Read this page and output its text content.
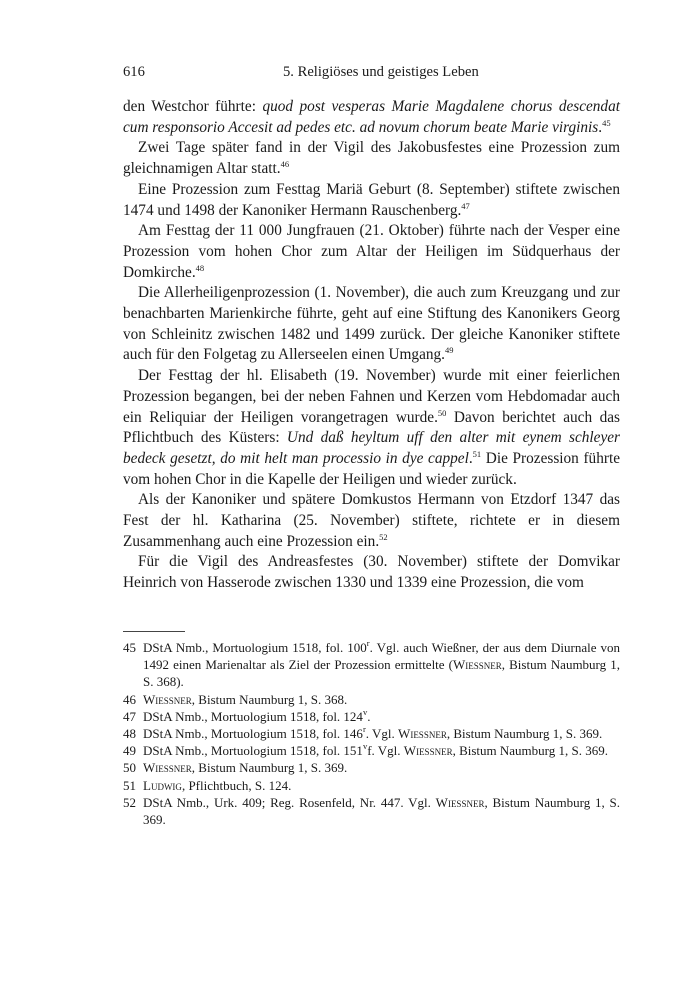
616	5. Religiöses und geistiges Leben

den Westchor führte: quod post vesperas Marie Magdalene chorus descendat cum responsorio Accesit ad pedes etc. ad novum chorum beate Marie virginis.$^{45}$

Zwei Tage später fand in der Vigil des Jakobusfestes eine Prozession zum gleichnamigen Altar statt.$^{46}$

Eine Prozession zum Festtag Mariä Geburt (8. September) stiftete zwischen 1474 und 1498 der Kanoniker Hermann Rauschenberg.$^{47}$

Am Festtag der 11 000 Jungfrauen (21. Oktober) führte nach der Vesper eine Prozession vom hohen Chor zum Altar der Heiligen im Südquerhaus der Domkirche.$^{48}$

Die Allerheiligenprozession (1. November), die auch zum Kreuzgang und zur benachbarten Marienkirche führte, geht auf eine Stiftung des Kanonikers Georg von Schleinitz zwischen 1482 und 1499 zurück. Der gleiche Kanoniker stiftete auch für den Folgetag zu Allerseelen einen Umgang.$^{49}$

Der Festtag der hl. Elisabeth (19. November) wurde mit einer feierlichen Prozession begangen, bei der neben Fahnen und Kerzen vom Hebdomadar auch ein Reliquiar der Heiligen vorangetragen wurde.$^{50}$ Davon berichtet auch das Pflichtbuch des Küsters: Und daß heyltum uff den alter mit eynem schleyer bedeck gesetzt, do mit helt man processio in dye cappel.$^{51}$ Die Prozession führte vom hohen Chor in die Kapelle der Heiligen und wieder zurück.

Als der Kanoniker und spätere Domkustos Hermann von Etzdorf 1347 das Fest der hl. Katharina (25. November) stiftete, richtete er in diesem Zusammenhang auch eine Prozession ein.$^{52}$

Für die Vigil des Andreasfestes (30. November) stiftete der Domvikar Heinrich von Hasserode zwischen 1330 und 1339 eine Prozession, die vom

45 DStA Nmb., Mortuologium 1518, fol. 100$^r$. Vgl. auch Wießner, der aus dem Diurnale von 1492 einen Marienaltar als Ziel der Prozession ermittelte (Wiessner, Bistum Naumburg 1, S. 368).
46 Wiessner, Bistum Naumburg 1, S. 368.
47 DStA Nmb., Mortuologium 1518, fol. 124$^v$.
48 DStA Nmb., Mortuologium 1518, fol. 146$^r$. Vgl. Wiessner, Bistum Naumburg 1, S. 369.
49 DStA Nmb., Mortuologium 1518, fol. 151$^v$f. Vgl. Wiessner, Bistum Naumburg 1, S. 369.
50 Wiessner, Bistum Naumburg 1, S. 369.
51 Ludwig, Pflichtbuch, S. 124.
52 DStA Nmb., Urk. 409; Reg. Rosenfeld, Nr. 447. Vgl. Wiessner, Bistum Naumburg 1, S. 369.
